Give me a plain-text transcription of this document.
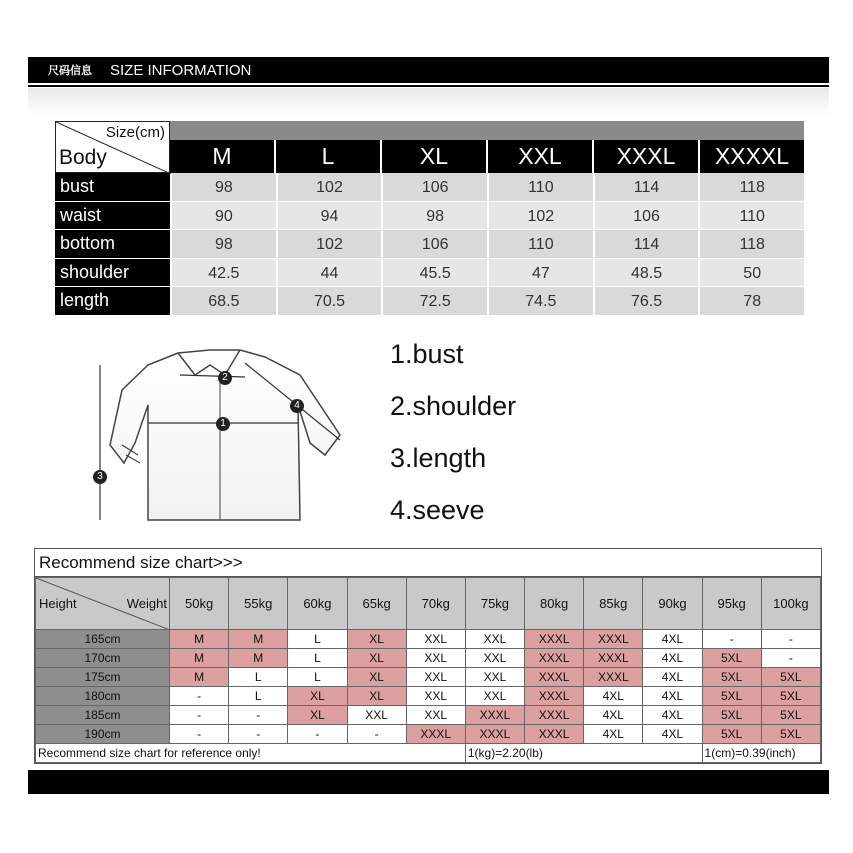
尺码信息 SIZE INFORMATION
Size(cm)
Body	M	L	XL	XXL	XXXL	XXXXL
bust	98	102	106	110	114	118
waist	90	94	98	102	106	110
bottom	98	102	106	110	114	118
shoulder	42.5	44	45.5	47	48.5	50
length	68.5	70.5	72.5	74.5	76.5	78
1
2
3
4
1.bust
2.shoulder
3.length
4.seeve
Recommend size chart>>>
Height Weight	50kg	55kg	60kg	65kg	70kg	75kg	80kg	85kg	90kg	95kg	100kg
165cm	M	M	L	XL	XXL	XXL	XXXL	XXXL	4XL	-	-
170cm	M	M	L	XL	XXL	XXL	XXXL	XXXL	4XL	5XL	-
175cm	M	L	L	XL	XXL	XXL	XXXL	XXXL	4XL	5XL	5XL
180cm	-	L	XL	XL	XXL	XXL	XXXL	4XL	4XL	5XL	5XL
185cm	-	-	XL	XXL	XXL	XXXL	XXXL	4XL	4XL	5XL	5XL
190cm	-	-	-	-	XXXL	XXXL	XXXL	4XL	4XL	5XL	5XL
Recommend size chart for reference only!						1(kg)=2.20(lb)				1(cm)=0.39(inch)	
